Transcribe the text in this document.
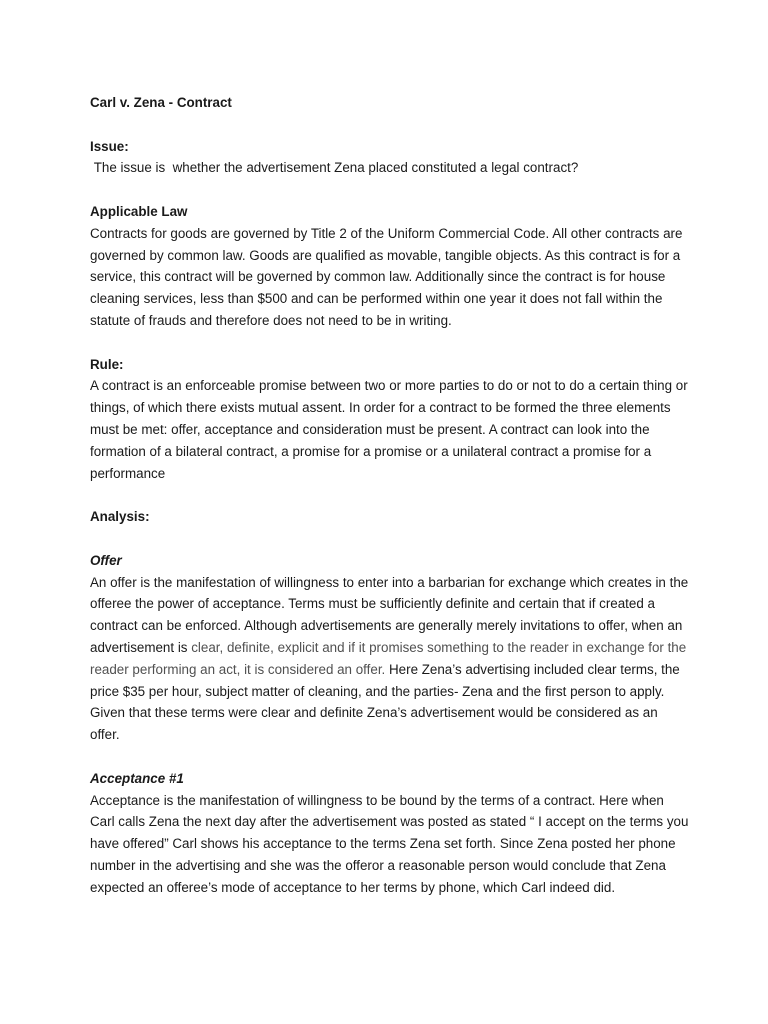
Carl v. Zena - Contract

Issue:

The issue is  whether the advertisement Zena placed constituted a legal contract?

Applicable Law

Contracts for goods are governed by Title 2 of the Uniform Commercial Code. All other contracts are governed by common law. Goods are qualified as movable, tangible objects. As this contract is for a service, this contract will be governed by common law. Additionally since the contract is for house cleaning services, less than $500 and can be performed within one year it does not fall within the statute of frauds and therefore does not need to be in writing.

Rule:

A contract is an enforceable promise between two or more parties to do or not to do a certain thing or things, of which there exists mutual assent. In order for a contract to be formed the three elements must be met: offer, acceptance and consideration must be present. A contract can look into the formation of a bilateral contract, a promise for a promise or a unilateral contract a promise for a performance

Analysis:

Offer

An offer is the manifestation of willingness to enter into a barbarian for exchange which creates in the offeree the power of acceptance. Terms must be sufficiently definite and certain that if created a contract can be enforced. Although advertisements are generally merely invitations to offer, when an advertisement is clear, definite, explicit and if it promises something to the reader in exchange for the reader performing an act, it is considered an offer. Here Zena’s advertising included clear terms, the price $35 per hour, subject matter of cleaning, and the parties- Zena and the first person to apply. Given that these terms were clear and definite Zena’s advertisement would be considered as an offer.

Acceptance #1

Acceptance is the manifestation of willingness to be bound by the terms of a contract. Here when Carl calls Zena the next day after the advertisement was posted as stated “ I accept on the terms you have offered” Carl shows his acceptance to the terms Zena set forth. Since Zena posted her phone number in the advertising and she was the offeror a reasonable person would conclude that Zena expected an offeree’s mode of acceptance to her terms by phone, which Carl indeed did.
